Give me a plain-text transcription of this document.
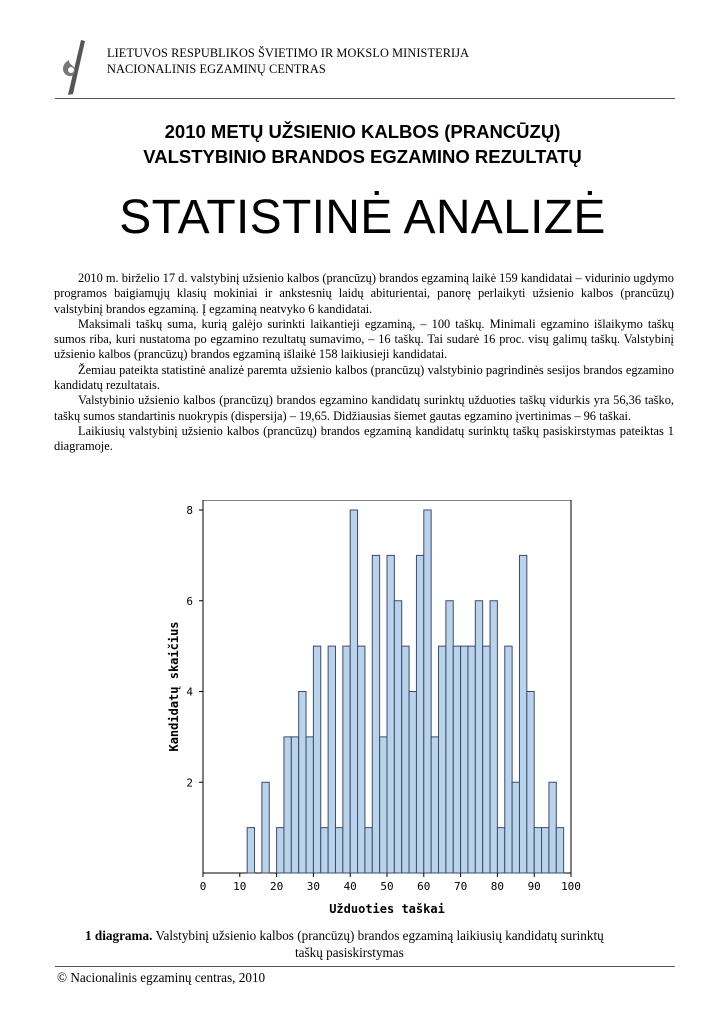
LIETUVOS RESPUBLIKOS ŠVIETIMO IR MOKSLO MINISTERIJA
NACIONALINIS EGZAMINŲ CENTRAS
2010 METŲ UŽSIENIO KALBOS (PRANCŪZŲ)
VALSTYBINIO BRANDOS EGZAMINO REZULTATŲ
STATISTINĖ ANALIZĖ

2010 m. birželio 17 d. valstybinį užsienio kalbos (prancūzų) brandos egzaminą laikė 159 kandidatai – vidurinio ugdymo programos baigiamųjų klasių mokiniai ir ankstesnių laidų abiturientai, panorę perlaikyti užsienio kalbos (prancūzų) valstybinį brandos egzaminą. Į egzaminą neatvyko 6 kandidatai.

Maksimali taškų suma, kurią galėjo surinkti laikantieji egzaminą, – 100 taškų. Minimali egzamino išlaikymo taškų sumos riba, kuri nustatoma po egzamino rezultatų sumavimo, – 16 taškų. Tai sudarė 16 proc. visų galimų taškų. Valstybinį užsienio kalbos (prancūzų) brandos egzaminą išlaikė 158 laikiusieji kandidatai.

Žemiau pateikta statistinė analizė paremta užsienio kalbos (prancūzų) valstybinio pagrindinės sesijos brandos egzamino kandidatų rezultatais.

Valstybinio užsienio kalbos (prancūzų) brandos egzamino kandidatų surinktų užduoties taškų vidurkis yra 56,36 taško, taškų sumos standartinis nuokrypis (dispersija) – 19,65. Didžiausias šiemet gautas egzamino įvertinimas – 96 taškai.

Laikiusių valstybinį užsienio kalbos (prancūzų) brandos egzaminą kandidatų surinktų taškų pasiskirstymas pateiktas 1 diagramoje.

0 10 20 30 40 50 60 70 80 90 100
2
4
6
8
Užduoties taškai
Kandidatų skaičius
1 diagrama. Valstybinį užsienio kalbos (prancūzų) brandos egzaminą laikiusių kandidatų surinktų
taškų pasiskirstymas
© Nacionalinis egzaminų centras, 2010
